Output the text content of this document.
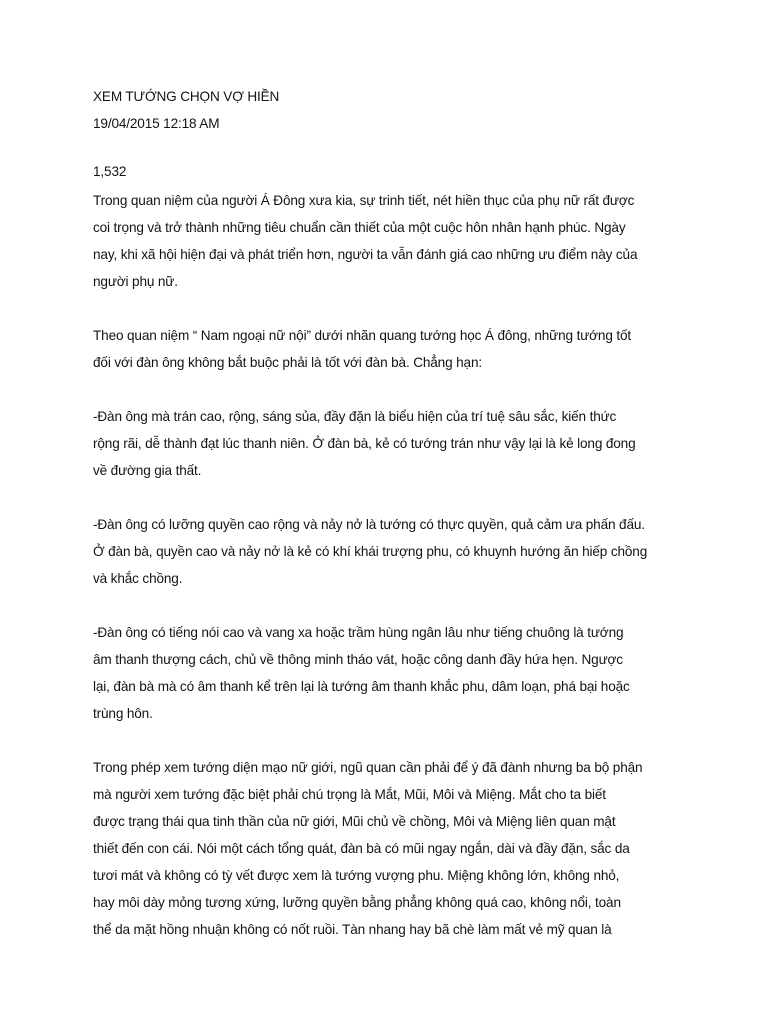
XEM TƯỚNG CHỌN VỢ HIỀN
19/04/2015 12:18 AM
1,532
Trong quan niệm của người Á Đông xưa kia, sự trinh tiết, nét hiền thục của phụ nữ rất được
coi trọng và trở thành những tiêu chuẩn cần thiết của một cuộc hôn nhân hạnh phúc. Ngày
nay, khi xã hội hiện đại và phát triển hơn, người ta vẫn đánh giá cao những ưu điểm này của
người phụ nữ.
Theo quan niệm “ Nam ngoại nữ nội” dưới nhãn quang tướng học Á đông, những tướng tốt
đối với đàn ông không bắt buộc phải là tốt với đàn bà. Chẳng hạn:
-Đàn ông mà trán cao, rộng, sáng sủa, đầy đặn là biểu hiện của trí tuệ sâu sắc, kiến thức
rộng rãi, dễ thành đạt lúc thanh niên. Ở đàn bà, kẻ có tướng trán như vậy lại là kẻ long đong
về đường gia thất.
-Đàn ông có lưỡng quyền cao rộng và nảy nở là tướng có thực quyền, quả cảm ưa phấn đấu.
Ở đàn bà, quyền cao và nảy nở là kẻ có khí khái trượng phu, có khuynh hướng ăn hiếp chồng
và khắc chồng.
-Đàn ông có tiếng nói cao và vang xa hoặc trầm hùng ngân lâu như tiếng chuông là tướng
âm thanh thượng cách, chủ về thông minh tháo vát, hoặc công danh đầy hứa hẹn. Ngược
lại, đàn bà mà có âm thanh kể trên lại là tướng âm thanh khắc phu, dâm loạn, phá bại hoặc
trùng hôn.
Trong phép xem tướng diện mạo nữ giới, ngũ quan cần phải để ý đã đành nhưng ba bộ phận
mà người xem tướng đặc biệt phải chú trọng là Mắt, Mũi, Môi và Miệng. Mắt cho ta biết
được trạng thái qua tinh thần của nữ giới, Mũi chủ về chồng, Môi và Miệng liên quan mật
thiết đến con cái. Nói một cách tổng quát, đàn bà có mũi ngay ngắn, dài và đầy đặn, sắc da
tươi mát và không có tỳ vết được xem là tướng vượng phu. Miệng không lớn, không nhỏ,
hay môi dày mỏng tương xứng, lưỡng quyền bằng phẳng không quá cao, không nổi, toàn
thể da mặt hồng nhuận không có nốt ruồi. Tàn nhang hay bã chè làm mất vẻ mỹ quan là
